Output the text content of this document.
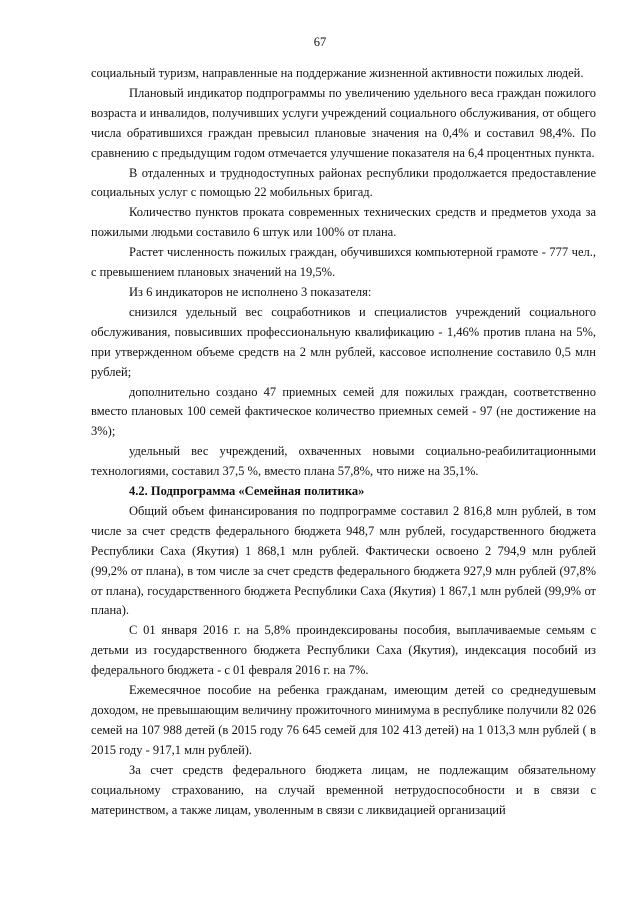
67

социальный туризм, направленные на поддержание жизненной активности пожилых людей.

Плановый индикатор подпрограммы по увеличению удельного веса граждан пожилого возраста и инвалидов, получивших услуги учреждений социального обслуживания, от общего числа обратившихся граждан превысил плановые значения на 0,4% и составил 98,4%. По сравнению с предыдущим годом отмечается улучшение показателя на 6,4 процентных пункта.

В отдаленных и труднодоступных районах республики продолжается предоставление социальных услуг с помощью 22 мобильных бригад.

Количество пунктов проката современных технических средств и предметов ухода за пожилыми людьми составило 6 штук или 100% от плана.

Растет численность пожилых граждан, обучившихся компьютерной грамоте - 777 чел., с превышением плановых значений на 19,5%.

Из 6 индикаторов не исполнено 3 показателя:

снизился удельный вес соцработников и специалистов учреждений социального обслуживания, повысивших профессиональную квалификацию - 1,46% против плана на 5%, при утвержденном объеме средств на 2 млн рублей, кассовое исполнение составило 0,5 млн рублей;

дополнительно создано 47 приемных семей для пожилых граждан, соответственно вместо плановых 100 семей фактическое количество приемных семей - 97 (не достижение на 3%);

удельный вес учреждений, охваченных новыми социально-реабилитационными технологиями, составил 37,5 %, вместо плана 57,8%, что ниже на 35,1%.

4.2. Подпрограмма «Семейная политика»

Общий объем финансирования по подпрограмме составил 2 816,8 млн рублей, в том числе за счет средств федерального бюджета 948,7 млн рублей, государственного бюджета Республики Саха (Якутия) 1 868,1 млн рублей. Фактически освоено 2 794,9 млн рублей (99,2% от плана), в том числе за счет средств федерального бюджета 927,9 млн рублей (97,8% от плана), государственного бюджета Республики Саха (Якутия) 1 867,1 млн рублей (99,9% от плана).

С 01 января 2016 г. на 5,8% проиндексированы пособия, выплачиваемые семьям с детьми из государственного бюджета Республики Саха (Якутия), индексация пособий из федерального бюджета - с 01 февраля 2016 г. на 7%.

Ежемесячное пособие на ребенка гражданам, имеющим детей со среднедушевым доходом, не превышающим величину прожиточного минимума в республике получили 82 026 семей на 107 988 детей (в 2015 году 76 645 семей для 102 413 детей) на 1 013,3 млн рублей ( в 2015 году - 917,1 млн рублей).

За счет средств федерального бюджета лицам, не подлежащим обязательному социальному страхованию, на случай временной нетрудоспособности и в связи с материнством, а также лицам, уволенным в связи с ликвидацией организаций
